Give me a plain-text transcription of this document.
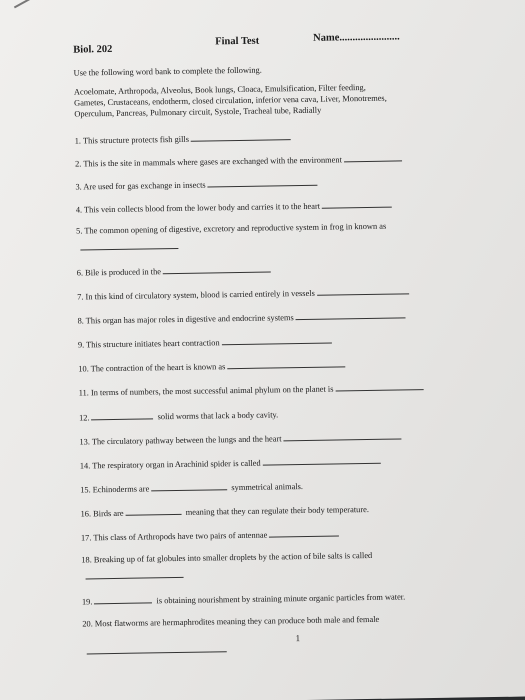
Biol. 202
Final Test	Name.......................
Use the following word bank to complete the following.
Acoelomate, Arthropoda, Alveolus, Book lungs, Cloaca, Emulsification, Filter feeding,
Gametes, Crustaceans, endotherm, closed circulation, inferior vena cava, Liver, Monotremes,
Operculum, Pancreas, Pulmonary circuit, Systole, Tracheal tube, Radially
1. This structure protects fish gills
2. This is the site in mammals where gases are exchanged with the environment
3. Are used for gas exchange in insects
4. This vein collects blood from the lower body and carries it to the heart
5. The common opening of digestive, excretory and reproductive system in frog in known as
6. Bile is produced in the
7. In this kind of circulatory system, blood is carried entirely in vessels
8. This organ has major roles in digestive and endocrine systems
9. This structure initiates heart contraction
10. The contraction of the heart is known as
11. In terms of numbers, the most successful animal phylum on the planet is
12.	solid worms that lack a body cavity.
13. The circulatory pathway between the lungs and the heart
14. The respiratory organ in Arachinid spider is called
15. Echinoderms are	symmetrical animals.
16. Birds are	meaning that they can regulate their body temperature.
17. This class of Arthropods have two pairs of antennae
18. Breaking up of fat globules into smaller droplets by the action of bile salts is called
19.	is obtaining nourishment by straining minute organic particles from water.
20. Most flatworms are hermaphrodites meaning they can produce both male and female
1
